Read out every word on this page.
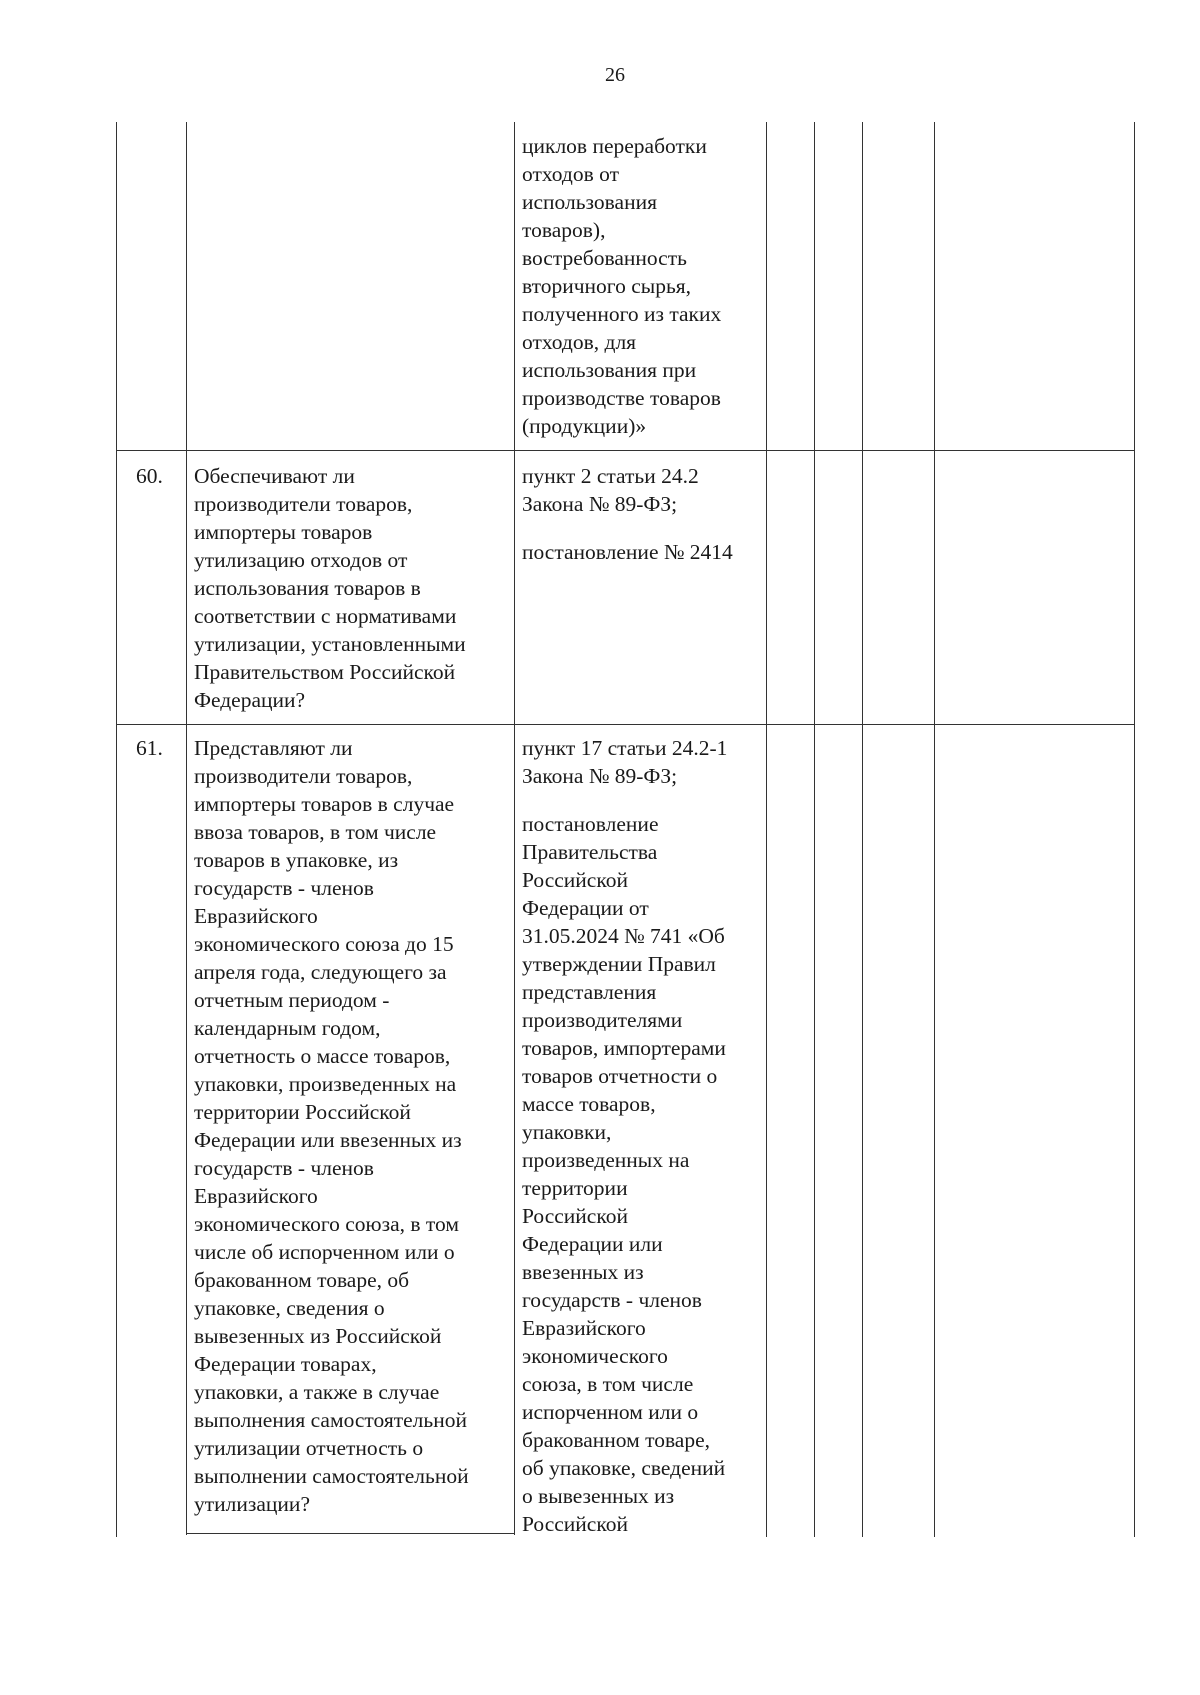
26
циклов переработки
отходов от
использования
товаров),
востребованность
вторичного сырья,
полученного из таких
отходов, для
использования при
производстве товаров
(продукции)»
60. Обеспечивают ли
производители товаров,
импортеры товаров
утилизацию отходов от
использования товаров в
соответствии с нормативами
утилизации, установленными
Правительством Российской
Федерации?
пункт 2 статьи 24.2
Закона № 89-ФЗ;
постановление № 2414
61. Представляют ли
производители товаров,
импортеры товаров в случае
ввоза товаров, в том числе
товаров в упаковке, из
государств - членов
Евразийского
экономического союза до 15
апреля года, следующего за
отчетным периодом -
календарным годом,
отчетность о массе товаров,
упаковки, произведенных на
территории Российской
Федерации или ввезенных из
государств - членов
Евразийского
экономического союза, в том
числе об испорченном или о
бракованном товаре, об
упаковке, сведения о
вывезенных из Российской
Федерации товарах,
упаковки, а также в случае
выполнения самостоятельной
утилизации отчетность о
выполнении самостоятельной
утилизации?
пункт 17 статьи 24.2-1
Закона № 89-ФЗ;
постановление
Правительства
Российской
Федерации от
31.05.2024 № 741 «Об
утверждении Правил
представления
производителями
товаров, импортерами
товаров отчетности о
массе товаров,
упаковки,
произведенных на
территории
Российской
Федерации или
ввезенных из
государств - членов
Евразийского
экономического
союза, в том числе
испорченном или о
бракованном товаре,
об упаковке, сведений
о вывезенных из
Российской
